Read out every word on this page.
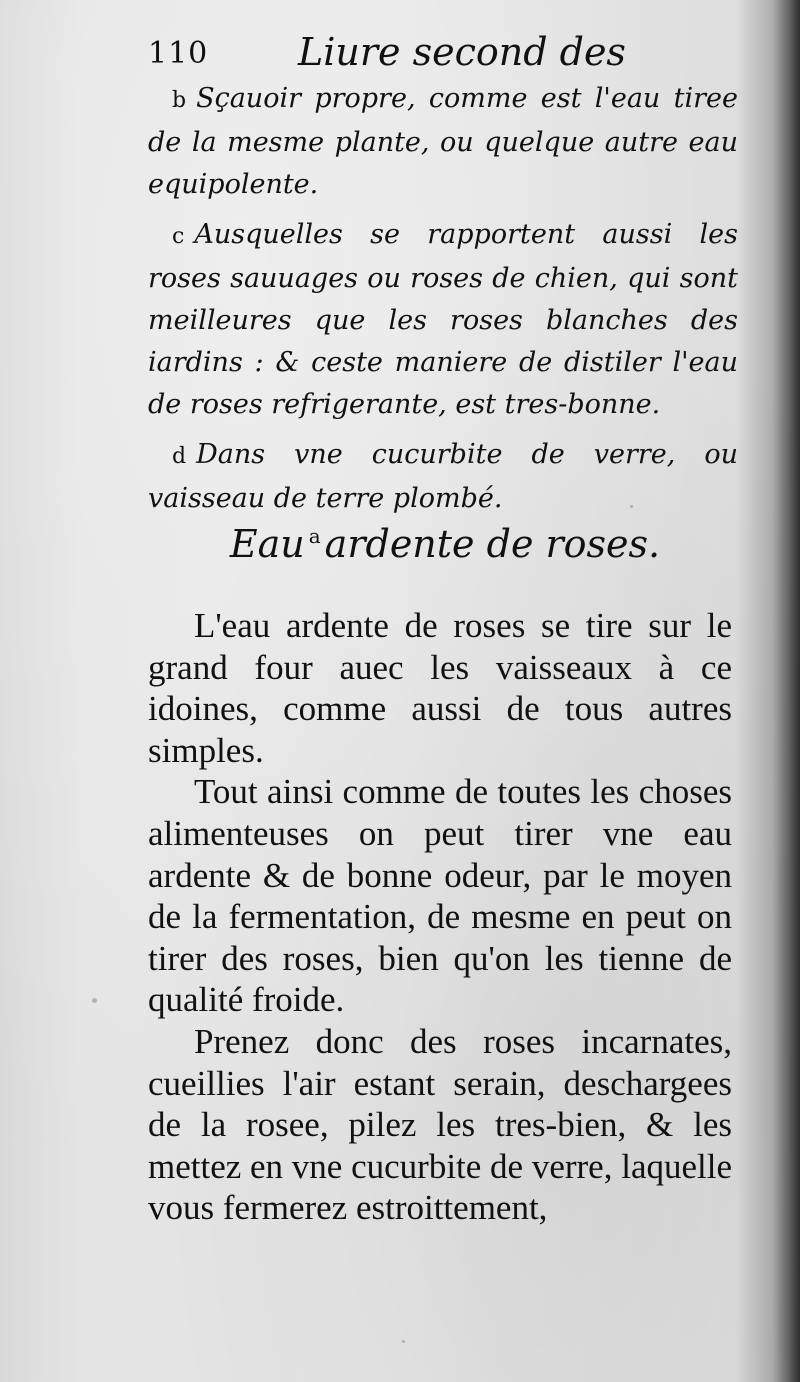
110 Liure second des

b Sçauoir propre, comme est l'eau tiree de la mesme plante, ou quelque autre eau equipolente.

c Ausquelles se rapportent aussi les roses sauuages ou roses de chien, qui sont meilleures que les roses blanches des iardins : & ceste maniere de distiler l'eau de roses refrigerante, est tres-bonne.

d Dans vne cucurbite de verre, ou vaisseau de terre plombé.

Eau $^a$ ardente de roses.

L'eau ardente de roses se tire sur le grand four auec les vaisseaux à ce idoines, comme aussi de tous autres simples.

Tout ainsi comme de toutes les choses alimenteuses on peut tirer vne eau ardente & de bonne odeur, par le moyen de la fermentation, de mesme en peut on tirer des roses, bien qu'on les tienne de qualité froide.

Prenez donc des roses incarnates, cueillies l'air estant serain, deschargees de la rosee, pilez les tres-bien, & les mettez en vne cucurbite de verre, laquelle vous fermerez estroittement,
